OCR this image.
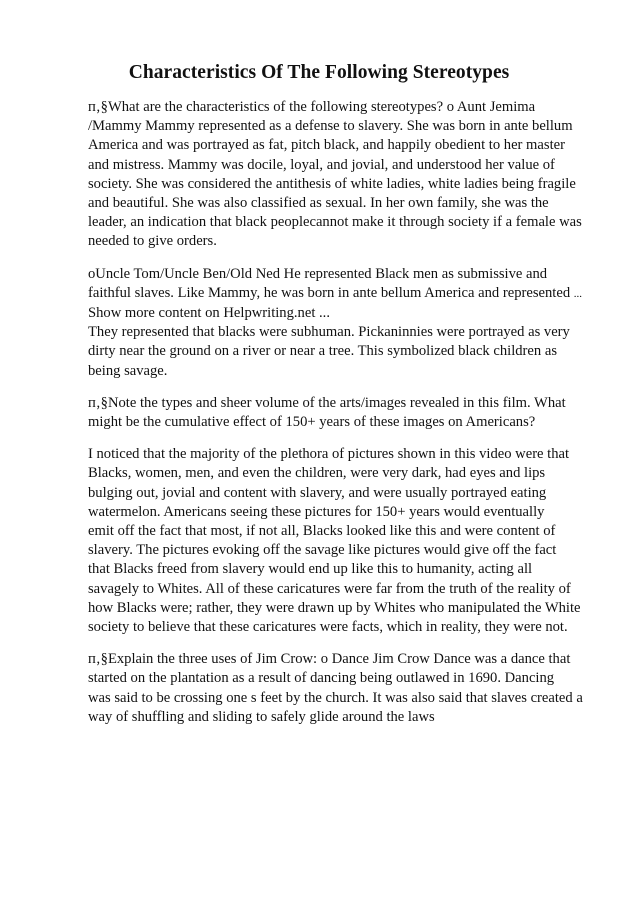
Characteristics Of The Following Stereotypes

п‚§What are the characteristics of the following stereotypes? o Aunt Jemima
/Mammy Mammy represented as a defense to slavery. She was born in ante bellum
America and was portrayed as fat, pitch black, and happily obedient to her master
and mistress. Mammy was docile, loyal, and jovial, and understood her value of
society. She was considered the antithesis of white ladies, white ladies being fragile
and beautiful. She was also classified as sexual. In her own family, she was the
leader, an indication that black peoplecannot make it through society if a female was
needed to give orders.

oUncle Tom/Uncle Ben/Old Ned He represented Black men as submissive and
faithful slaves. Like Mammy, he was born in ante bellum America and represented ...
Show more content on Helpwriting.net ...
They represented that blacks were subhuman. Pickaninnies were portrayed as very
dirty near the ground on a river or near a tree. This symbolized black children as
being savage.

п‚§Note the types and sheer volume of the arts/images revealed in this film. What
might be the cumulative effect of 150+ years of these images on Americans?

I noticed that the majority of the plethora of pictures shown in this video were that
Blacks, women, men, and even the children, were very dark, had eyes and lips
bulging out, jovial and content with slavery, and were usually portrayed eating
watermelon. Americans seeing these pictures for 150+ years would eventually
emit off the fact that most, if not all, Blacks looked like this and were content of
slavery. The pictures evoking off the savage like pictures would give off the fact
that Blacks freed from slavery would end up like this to humanity, acting all
savagely to Whites. All of these caricatures were far from the truth of the reality of
how Blacks were; rather, they were drawn up by Whites who manipulated the White
society to believe that these caricatures were facts, which in reality, they were not.

п‚§Explain the three uses of Jim Crow: o Dance Jim Crow Dance was a dance that
started on the plantation as a result of dancing being outlawed in 1690. Dancing
was said to be crossing one s feet by the church. It was also said that slaves created a
way of shuffling and sliding to safely glide around the laws
